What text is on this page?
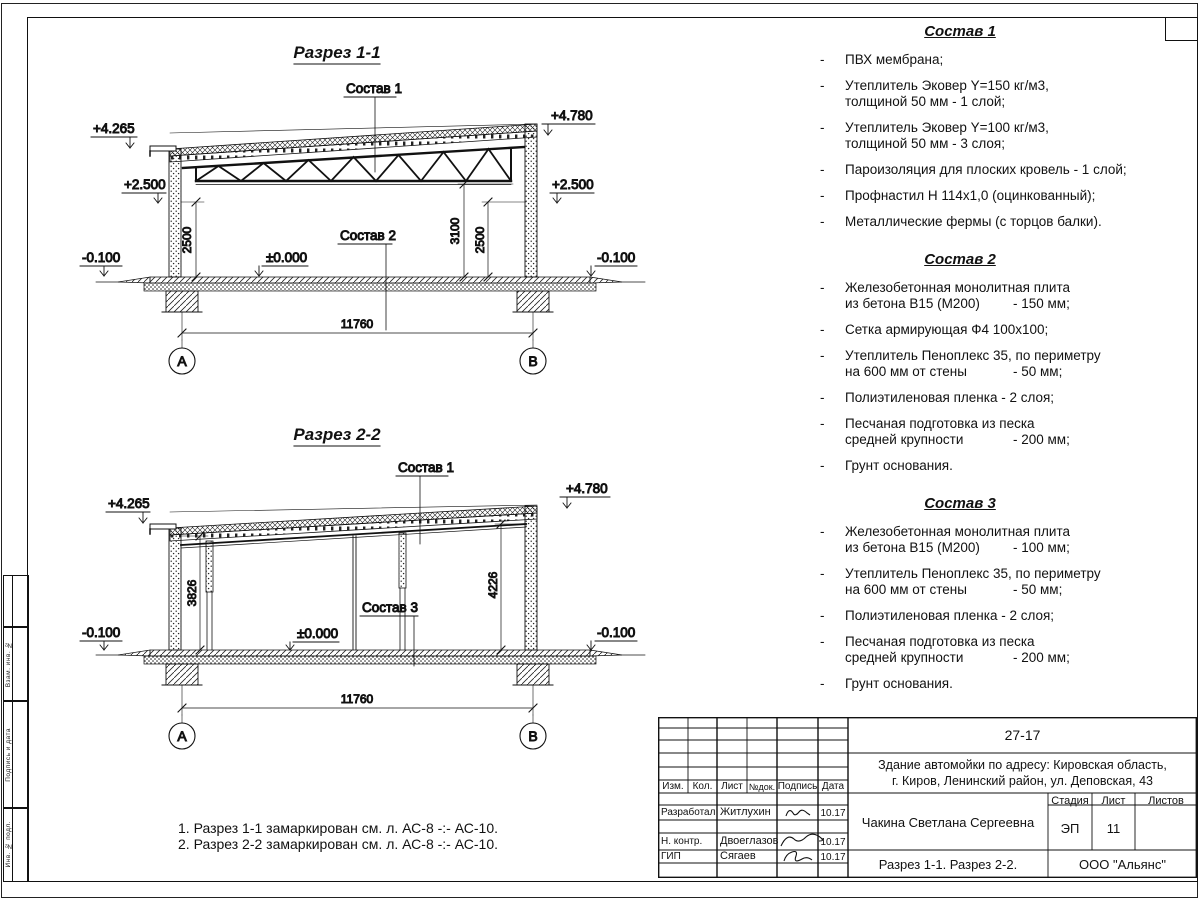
Взам. инв. №
Подпись и дата
Инв. № подл.
Разрез 1-1
+4.265
+2.500
+4.780
+2.500
-0.100	±0.000	-0.100
Состав 1
Состав 2
2500	3100 2500
11760
А	В
Разрез 2-2
+4.265
+4.780
±0.000
-0.100	-0.100
Состав 1
Состав 3
3826	4226
11760
А	В
Состав 1
- ПВХ мембрана;
- Утеплитель Эковер Y=150 кг/м3,
толщиной 50 мм - 1 слой;
- Утеплитель Эковер Y=100 кг/м3,
толщиной 50 мм - 3 слоя;
- Пароизоляция для плоских кровель - 1 слой;
- Профнастил Н 114х1,0 (оцинкованный);
- Металлические фермы (с торцов балки).
Состав 2
- Железобетонная монолитная плита
из бетона В15 (М200) - 150 мм;
- Сетка армирующая Ф4 100х100;
- Утеплитель Пеноплекс 35, по периметру
на 600 мм от стены	- 50 мм;
- Полиэтиленовая пленка - 2 слоя;
- Песчаная подготовка из песка
средней крупности	- 200 мм;
- Грунт основания.
Состав 3
- Железобетонная монолитная плита
из бетона В15 (М200) - 100 мм;
- Утеплитель Пеноплекс 35, по периметру
на 600 мм от стены	- 50 мм;
- Полиэтиленовая пленка - 2 слоя;
- Песчаная подготовка из песка
средней крупности	- 200 мм;
- Грунт основания.
1. Разрез 1-1 замаркирован см. л. АС-8 -:- АС-10.
2. Разрез 2-2 замаркирован см. л. АС-8 -:- АС-10.
Изм. Кол. Лист №док. Подпись Дата
Разработал Житлухин	10.17
Н. контр. Двоеглазов	10.17
ГИП	Сягаев	10.17
27-17
Здание автомойки по адресу: Кировская область,
г. Киров, Ленинский район, ул. Деповская, 43
Чакина Светлана Сергеевна
Разрез 1-1. Разрез 2-2.
Стадия	Лист	Листов
ЭП	11
ООО "Альянс"
